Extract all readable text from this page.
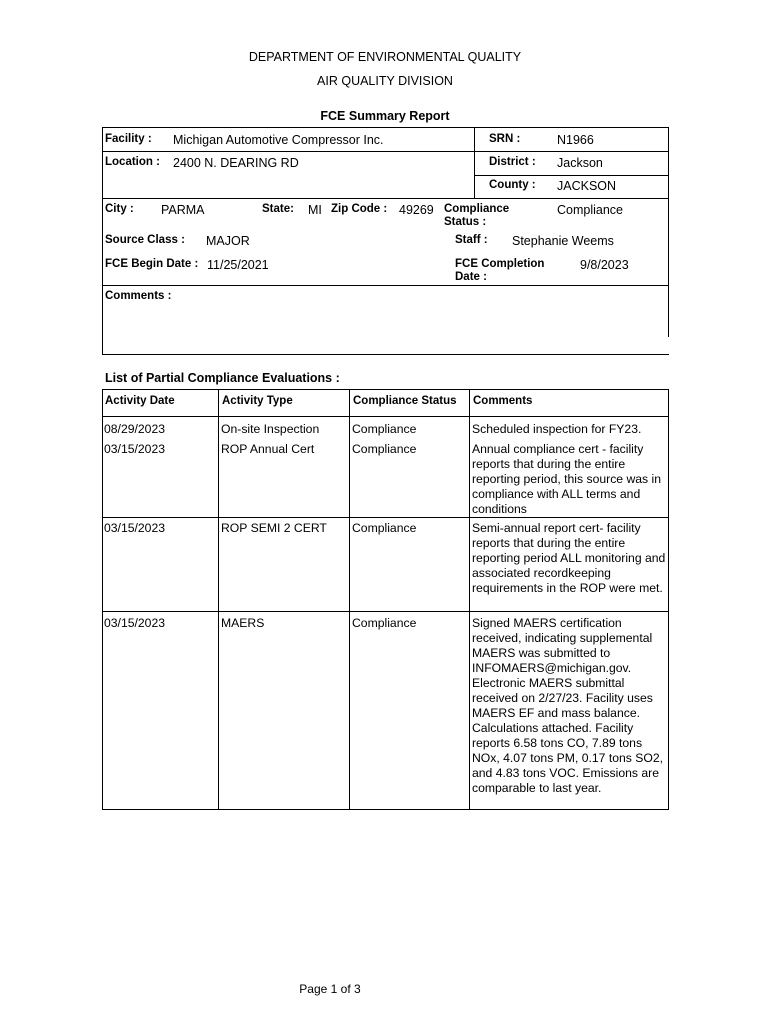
DEPARTMENT OF ENVIRONMENTAL QUALITY
AIR QUALITY DIVISION
FCE Summary Report
Facility : Michigan Automotive Compressor Inc.	SRN :	N1966
Location : 2400 N. DEARING RD	District : Jackson
County : JACKSON
City : PARMA	State: MI Zip Code : 49269 Compliance Status :
Compliance
Source Class : MAJOR	Staff : Stephanie Weems
FCE Begin Date : 11/25/2021	FCE Completion Date :
9/8/2023
Comments :
List of Partial Compliance Evaluations :
Activity Date	Activity Type	Compliance Status Comments
08/29/2023	On-site Inspection	Compliance	Scheduled inspection for FY23.
03/15/2023	ROP Annual Cert	Compliance	Annual compliance cert - facility reports that during the entire reporting period, this source was in compliance with ALL terms and conditions
03/15/2023	ROP SEMI 2 CERT	Compliance	Semi-annual report cert- facility reports that during the entire reporting period ALL monitoring and associated recordkeeping requirements in the ROP were met.
03/15/2023	MAERS	Compliance	Signed MAERS certification received, indicating supplemental MAERS was submitted to INFOMAERS@michigan.gov. Electronic MAERS submittal received on 2/27/23. Facility uses MAERS EF and mass balance. Calculations attached. Facility reports 6.58 tons CO, 7.89 tons NOx, 4.07 tons PM, 0.17 tons SO2, and 4.83 tons VOC. Emissions are comparable to last year.
Page 1 of 3
